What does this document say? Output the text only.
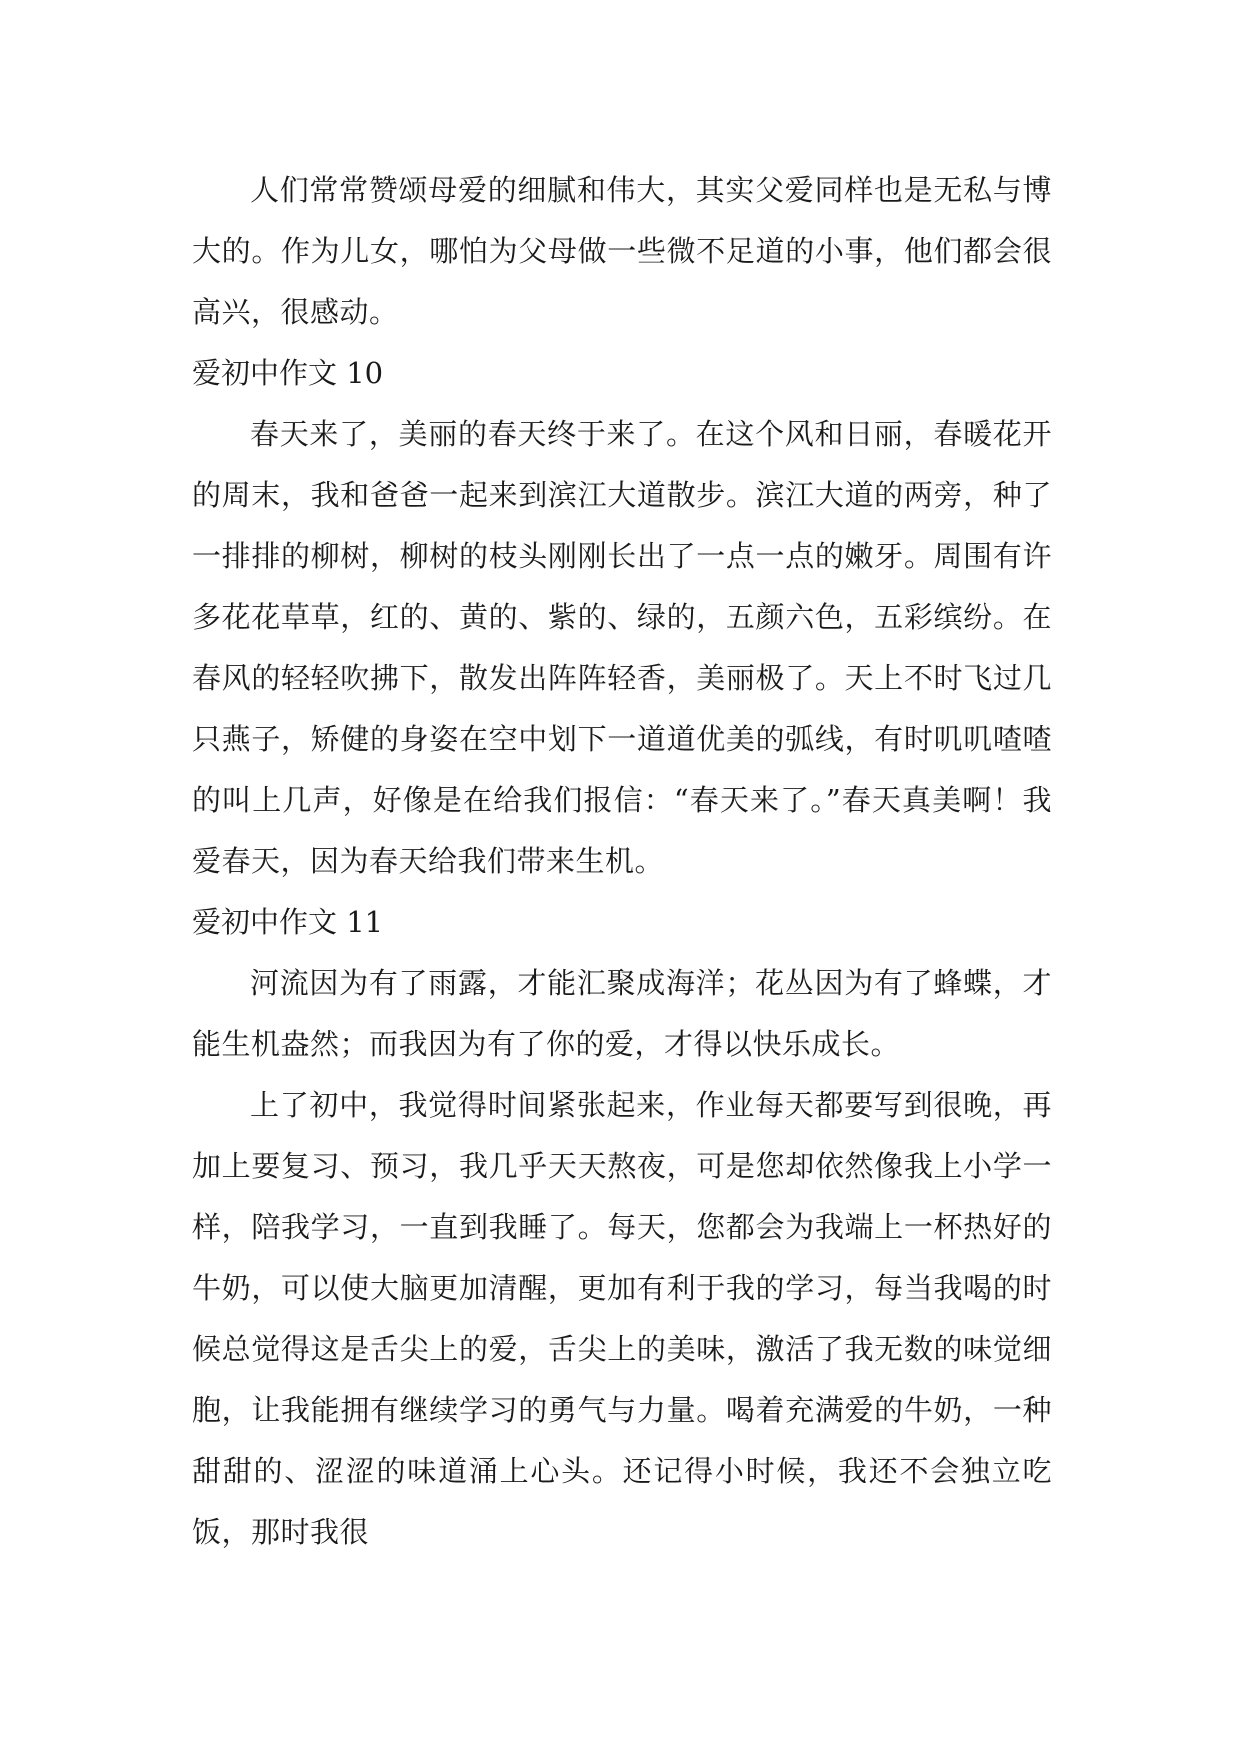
人们常常赞颂母爱的细腻和伟大，其实父爱同样也是无私与博大的。作为儿女，哪怕为父母做一些微不足道的小事，他们都会很高兴，很感动。

爱初中作文 10

春天来了，美丽的春天终于来了。在这个风和日丽，春暖花开的周末，我和爸爸一起来到滨江大道散步。滨江大道的两旁，种了一排排的柳树，柳树的枝头刚刚长出了一点一点的嫩牙。周围有许多花花草草，红的、黄的、紫的、绿的，五颜六色，五彩缤纷。在春风的轻轻吹拂下，散发出阵阵轻香，美丽极了。天上不时飞过几只燕子，矫健的身姿在空中划下一道道优美的弧线，有时叽叽喳喳的叫上几声，好像是在给我们报信：“春天来了。”春天真美啊！我爱春天，因为春天给我们带来生机。

爱初中作文 11

河流因为有了雨露，才能汇聚成海洋；花丛因为有了蜂蝶，才能生机盎然；而我因为有了你的爱，才得以快乐成长。

上了初中，我觉得时间紧张起来，作业每天都要写到很晚，再加上要复习、预习，我几乎天天熬夜，可是您却依然像我上小学一样，陪我学习，一直到我睡了。每天，您都会为我端上一杯热好的牛奶，可以使大脑更加清醒，更加有利于我的学习，每当我喝的时候总觉得这是舌尖上的爱，舌尖上的美味，激活了我无数的味觉细胞，让我能拥有继续学习的勇气与力量。喝着充满爱的牛奶，一种甜甜的、涩涩的味道涌上心头。还记得小时候，我还不会独立吃饭，那时我很
